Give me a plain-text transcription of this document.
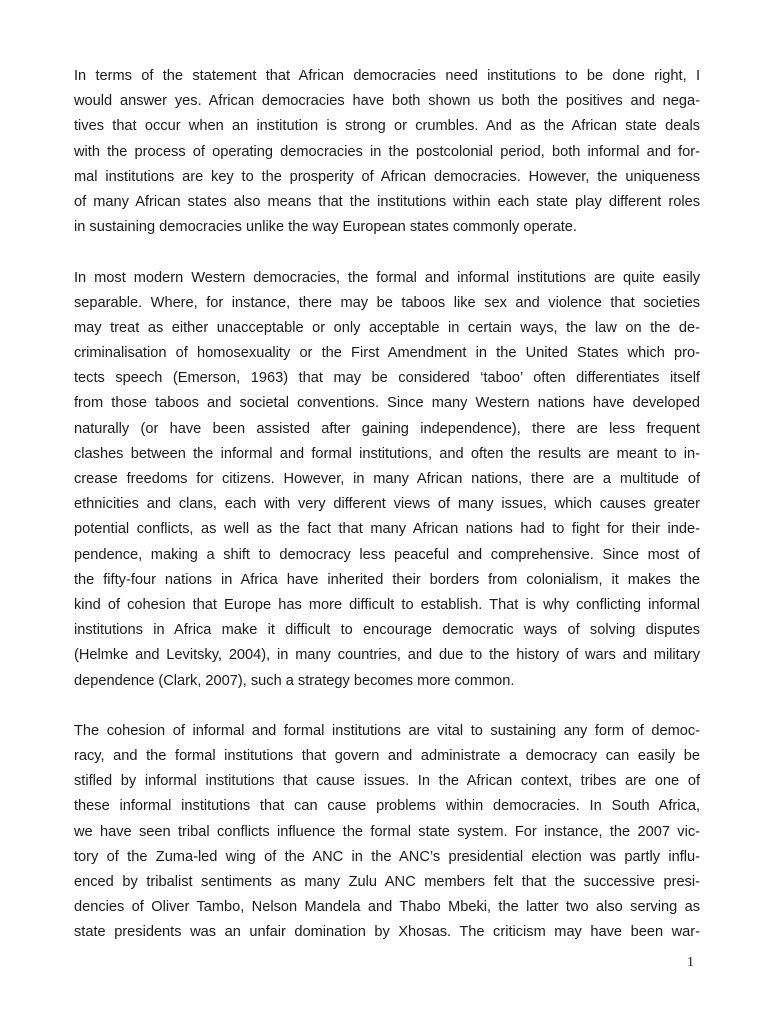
In terms of the statement that African democracies need institutions to be done right, I
would answer yes. African democracies have both shown us both the positives and nega-
tives that occur when an institution is strong or crumbles. And as the African state deals
with the process of operating democracies in the postcolonial period, both informal and for-
mal institutions are key to the prosperity of African democracies. However, the uniqueness
of many African states also means that the institutions within each state play different roles
in sustaining democracies unlike the way European states commonly operate.
In most modern Western democracies, the formal and informal institutions are quite easily
separable. Where, for instance, there may be taboos like sex and violence that societies
may treat as either unacceptable or only acceptable in certain ways, the law on the de-
criminalisation of homosexuality or the First Amendment in the United States which pro-
tects speech (Emerson, 1963) that may be considered ‘taboo’ often differentiates itself
from those taboos and societal conventions. Since many Western nations have developed
naturally (or have been assisted after gaining independence), there are less frequent
clashes between the informal and formal institutions, and often the results are meant to in-
crease freedoms for citizens. However, in many African nations, there are a multitude of
ethnicities and clans, each with very different views of many issues, which causes greater
potential conflicts, as well as the fact that many African nations had to fight for their inde-
pendence, making a shift to democracy less peaceful and comprehensive. Since most of
the fifty-four nations in Africa have inherited their borders from colonialism, it makes the
kind of cohesion that Europe has more difficult to establish. That is why conflicting informal
institutions in Africa make it difficult to encourage democratic ways of solving disputes
(Helmke and Levitsky, 2004), in many countries, and due to the history of wars and military
dependence (Clark, 2007), such a strategy becomes more common.
The cohesion of informal and formal institutions are vital to sustaining any form of democ-
racy, and the formal institutions that govern and administrate a democracy can easily be
stifled by informal institutions that cause issues. In the African context, tribes are one of
these informal institutions that can cause problems within democracies. In South Africa,
we have seen tribal conflicts influence the formal state system. For instance, the 2007 vic-
tory of the Zuma-led wing of the ANC in the ANC’s presidential election was partly influ-
enced by tribalist sentiments as many Zulu ANC members felt that the successive presi-
dencies of Oliver Tambo, Nelson Mandela and Thabo Mbeki, the latter two also serving as
state presidents was an unfair domination by Xhosas. The criticism may have been war-
1
